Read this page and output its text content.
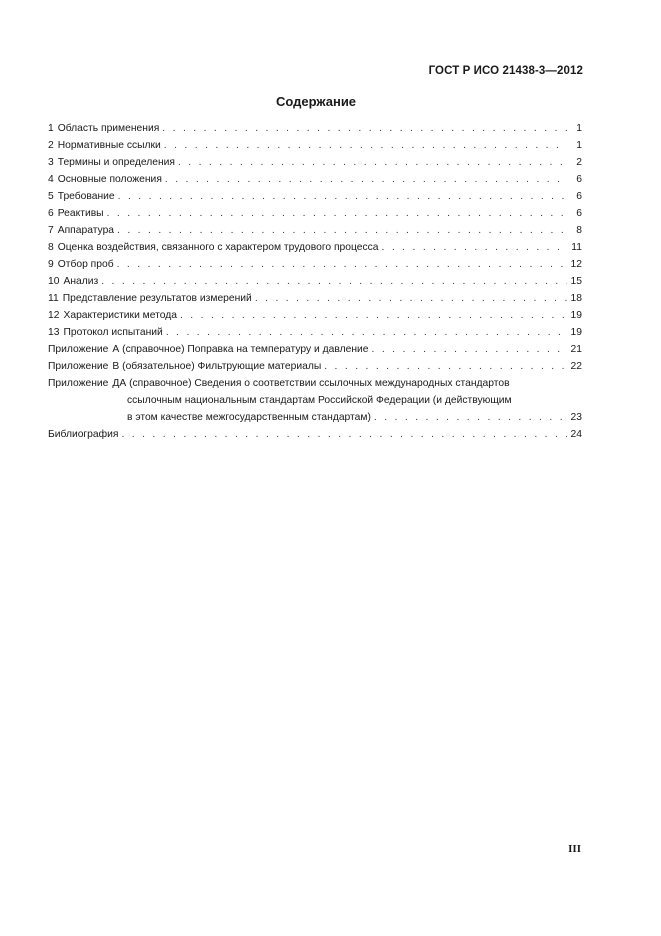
ГОСТ Р ИСО 21438-3—2012
Содержание
1 Область применения . . .	1
2 Нормативные ссылки . . .	1
3 Термины и определения . . .	2
4 Основные положения . . .	6
5 Требование . . .	6
6 Реактивы . . .	6
7 Аппаратура . . .	8
8 Оценка воздействия, связанного с характером трудового процесса . . .	11
9 Отбор проб . . .	12
10 Анализ . . .	15
11 Представление результатов измерений . . .	18
12 Характеристики метода . . .	19
13 Протокол испытаний . . .	19
Приложение А (справочное) Поправка на температуру и давление . . .	21
Приложение В (обязательное) Фильтрующие материалы . . .	22
Приложение ДА (справочное) Сведения о соответствии ссылочных международных стандартов
ссылочным национальным стандартам Российской Федерации (и действующим
в этом качестве межгосударственным стандартам) . . .	23
Библиография . . .	24
III
